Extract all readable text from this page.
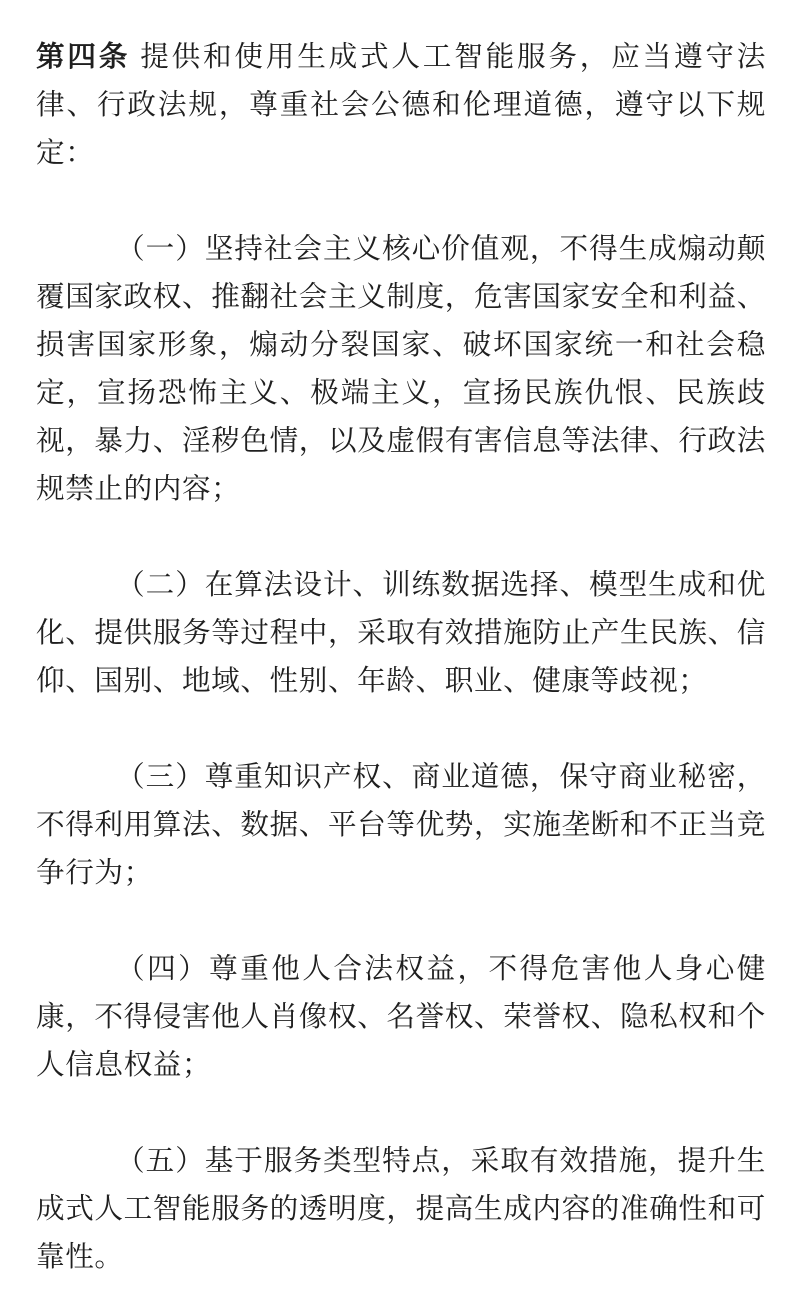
第四条 提供和使用生成式人工智能服务，应当遵守法律、行政法规，尊重社会公德和伦理道德，遵守以下规定：

（一）坚持社会主义核心价值观，不得生成煽动颠覆国家政权、推翻社会主义制度，危害国家安全和利益、损害国家形象，煽动分裂国家、破坏国家统一和社会稳定，宣扬恐怖主义、极端主义，宣扬民族仇恨、民族歧视，暴力、淫秽色情，以及虚假有害信息等法律、行政法规禁止的内容；

（二）在算法设计、训练数据选择、模型生成和优化、提供服务等过程中，采取有效措施防止产生民族、信仰、国别、地域、性别、年龄、职业、健康等歧视；

（三）尊重知识产权、商业道德，保守商业秘密，不得利用算法、数据、平台等优势，实施垄断和不正当竞争行为；

（四）尊重他人合法权益，不得危害他人身心健康，不得侵害他人肖像权、名誉权、荣誉权、隐私权和个人信息权益；

（五）基于服务类型特点，采取有效措施，提升生成式人工智能服务的透明度，提高生成内容的准确性和可靠性。
